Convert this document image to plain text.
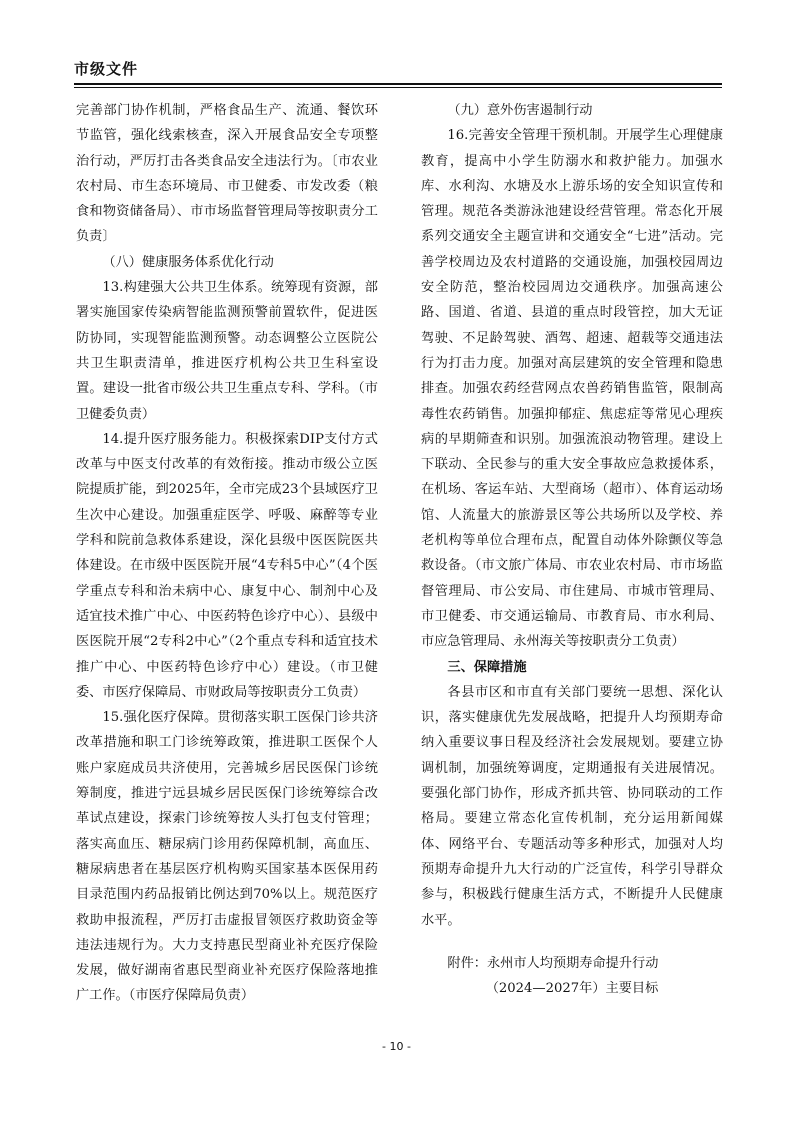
市级文件

完善部门协作机制，严格食品生产、流通、餐饮环节监管，强化线索核查，深入开展食品安全专项整治行动，严厉打击各类食品安全违法行为。〔市农业农村局、市生态环境局、市卫健委、市发改委（粮食和物资储备局）、市市场监督管理局等按职责分工负责〕

（八）健康服务体系优化行动

13.构建强大公共卫生体系。统筹现有资源，部署实施国家传染病智能监测预警前置软件，促进医防协同，实现智能监测预警。动态调整公立医院公共卫生职责清单，推进医疗机构公共卫生科室设置。建设一批省市级公共卫生重点专科、学科。（市卫健委负责）

14.提升医疗服务能力。积极探索DIP支付方式改革与中医支付改革的有效衔接。推动市级公立医院提质扩能，到2025年，全市完成23个县域医疗卫生次中心建设。加强重症医学、呼吸、麻醉等专业学科和院前急救体系建设，深化县级中医医院医共体建设。在市级中医医院开展“4专科5中心”（4个医学重点专科和治未病中心、康复中心、制剂中心及适宜技术推广中心、中医药特色诊疗中心）、县级中医医院开展“2专科2中心”（2个重点专科和适宜技术推广中心、中医药特色诊疗中心）建设。（市卫健委、市医疗保障局、市财政局等按职责分工负责）

15.强化医疗保障。贯彻落实职工医保门诊共济改革措施和职工门诊统筹政策，推进职工医保个人账户家庭成员共济使用，完善城乡居民医保门诊统筹制度，推进宁远县城乡居民医保门诊统筹综合改革试点建设，探索门诊统筹按人头打包支付管理；落实高血压、糖尿病门诊用药保障机制，高血压、糖尿病患者在基层医疗机构购买国家基本医保用药目录范围内药品报销比例达到70%以上。规范医疗救助申报流程，严厉打击虚报冒领医疗救助资金等违法违规行为。大力支持惠民型商业补充医疗保险发展，做好湖南省惠民型商业补充医疗保险落地推广工作。（市医疗保障局负责）

（九）意外伤害遏制行动

16.完善安全管理干预机制。开展学生心理健康教育，提高中小学生防溺水和救护能力。加强水库、水利沟、水塘及水上游乐场的安全知识宣传和管理。规范各类游泳池建设经营管理。常态化开展系列交通安全主题宣讲和交通安全“七进”活动。完善学校周边及农村道路的交通设施，加强校园周边安全防范，整治校园周边交通秩序。加强高速公路、国道、省道、县道的重点时段管控，加大无证驾驶、不足龄驾驶、酒驾、超速、超载等交通违法行为打击力度。加强对高层建筑的安全管理和隐患排查。加强农药经营网点农兽药销售监管，限制高毒性农药销售。加强抑郁症、焦虑症等常见心理疾病的早期筛查和识别。加强流浪动物管理。建设上下联动、全民参与的重大安全事故应急救援体系，在机场、客运车站、大型商场（超市）、体育运动场馆、人流量大的旅游景区等公共场所以及学校、养老机构等单位合理布点，配置自动体外除颤仪等急救设备。（市文旅广体局、市农业农村局、市市场监督管理局、市公安局、市住建局、市城市管理局、市卫健委、市交通运输局、市教育局、市水利局、市应急管理局、永州海关等按职责分工负责）

三、保障措施

各县市区和市直有关部门要统一思想、深化认识，落实健康优先发展战略，把提升人均预期寿命纳入重要议事日程及经济社会发展规划。要建立协调机制，加强统筹调度，定期通报有关进展情况。要强化部门协作，形成齐抓共管、协同联动的工作格局。要建立常态化宣传机制，充分运用新闻媒体、网络平台、专题活动等多种形式，加强对人均预期寿命提升九大行动的广泛宣传，科学引导群众参与，积极践行健康生活方式，不断提升人民健康水平。

附件：永州市人均预期寿命提升行动

（2024—2027年）主要目标

- 10 -
